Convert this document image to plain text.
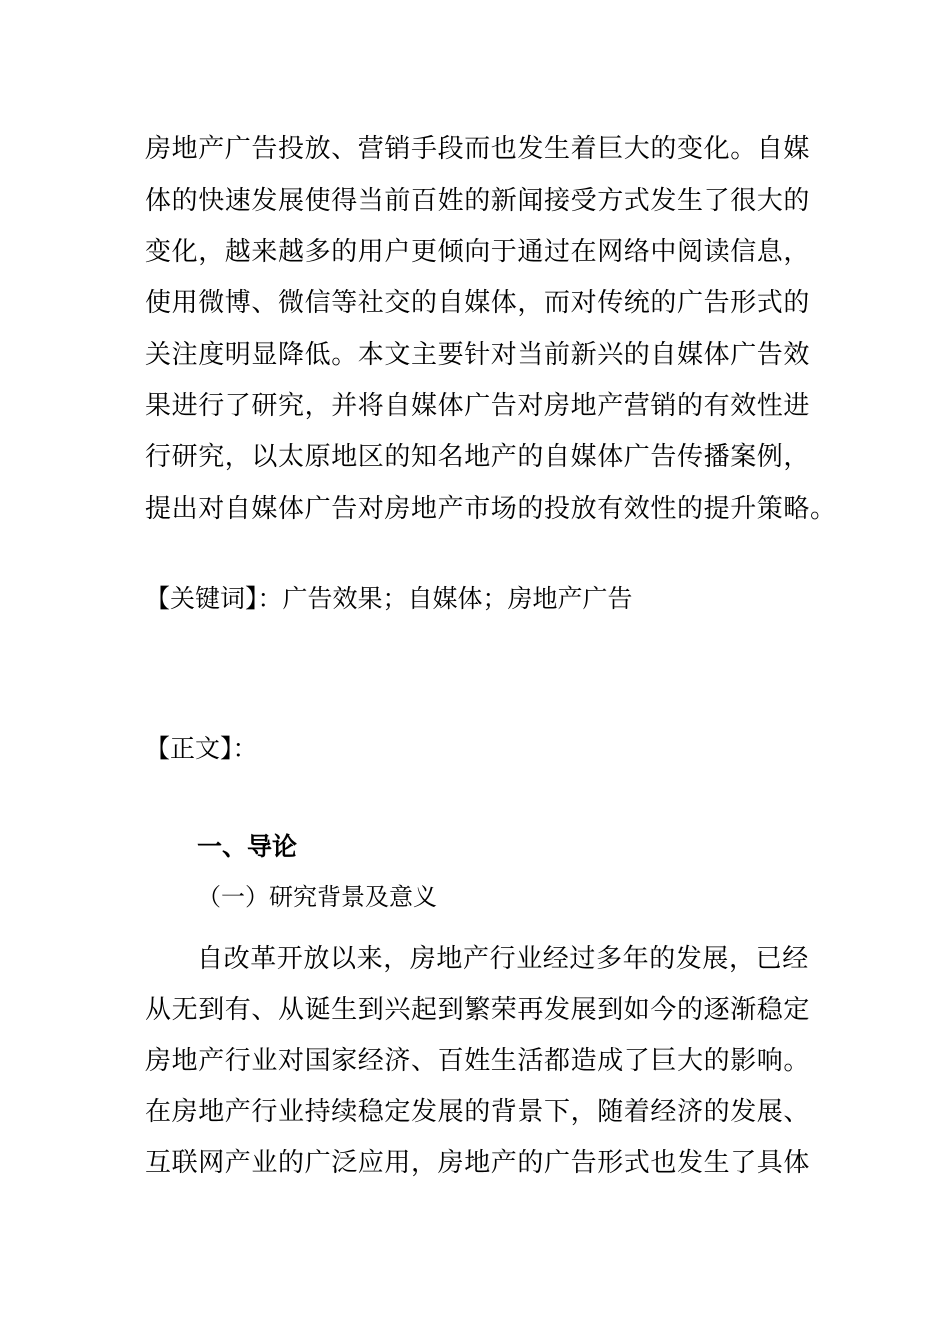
房地产广告投放、营销手段而也发生着巨大的变化。自媒
体的快速发展使得当前百姓的新闻接受方式发生了很大的
变化，越来越多的用户更倾向于通过在网络中阅读信息，
使用微博、微信等社交的自媒体，而对传统的广告形式的
关注度明显降低。本文主要针对当前新兴的自媒体广告效
果进行了研究，并将自媒体广告对房地产营销的有效性进
行研究，以太原地区的知名地产的自媒体广告传播案例，
提出对自媒体广告对房地产市场的投放有效性的提升策略。
【关键词】：广告效果；自媒体；房地产广告
【正文】：
一、导论
（一）研究背景及意义
自改革开放以来，房地产行业经过多年的发展，已经
从无到有、从诞生到兴起到繁荣再发展到如今的逐渐稳定
房地产行业对国家经济、百姓生活都造成了巨大的影响。
在房地产行业持续稳定发展的背景下，随着经济的发展、
互联网产业的广泛应用，房地产的广告形式也发生了具体
